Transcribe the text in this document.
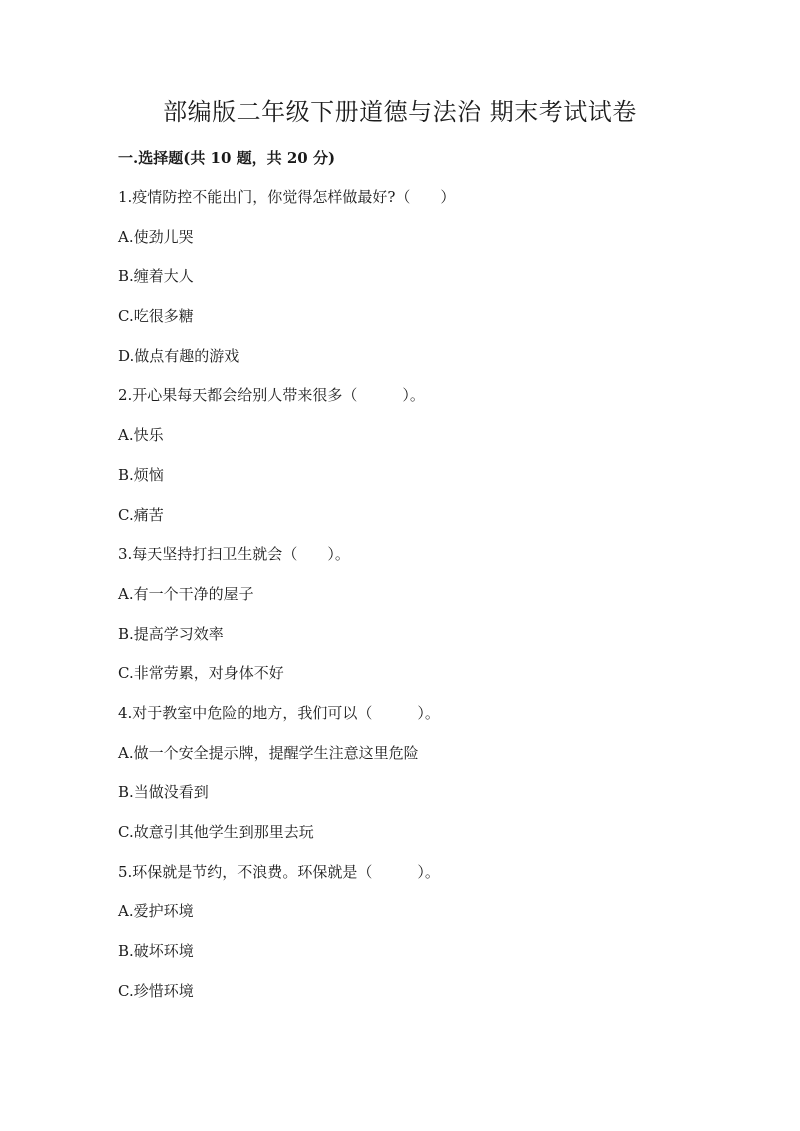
部编版二年级下册道德与法治 期末考试试卷
一.选择题(共 10 题，共 20 分)
1.疫情防控不能出门，你觉得怎样做最好?（　　）
A.使劲儿哭
B.缠着大人
C.吃很多糖
D.做点有趣的游戏
2.开心果每天都会给别人带来很多（　　　）。
A.快乐
B.烦恼
C.痛苦
3.每天坚持打扫卫生就会（　　）。
A.有一个干净的屋子
B.提高学习效率
C.非常劳累，对身体不好
4.对于教室中危险的地方，我们可以（　　　）。
A.做一个安全提示牌，提醒学生注意这里危险
B.当做没看到
C.故意引其他学生到那里去玩
5.环保就是节约，不浪费。环保就是（　　　）。
A.爱护环境
B.破坏环境
C.珍惜环境
